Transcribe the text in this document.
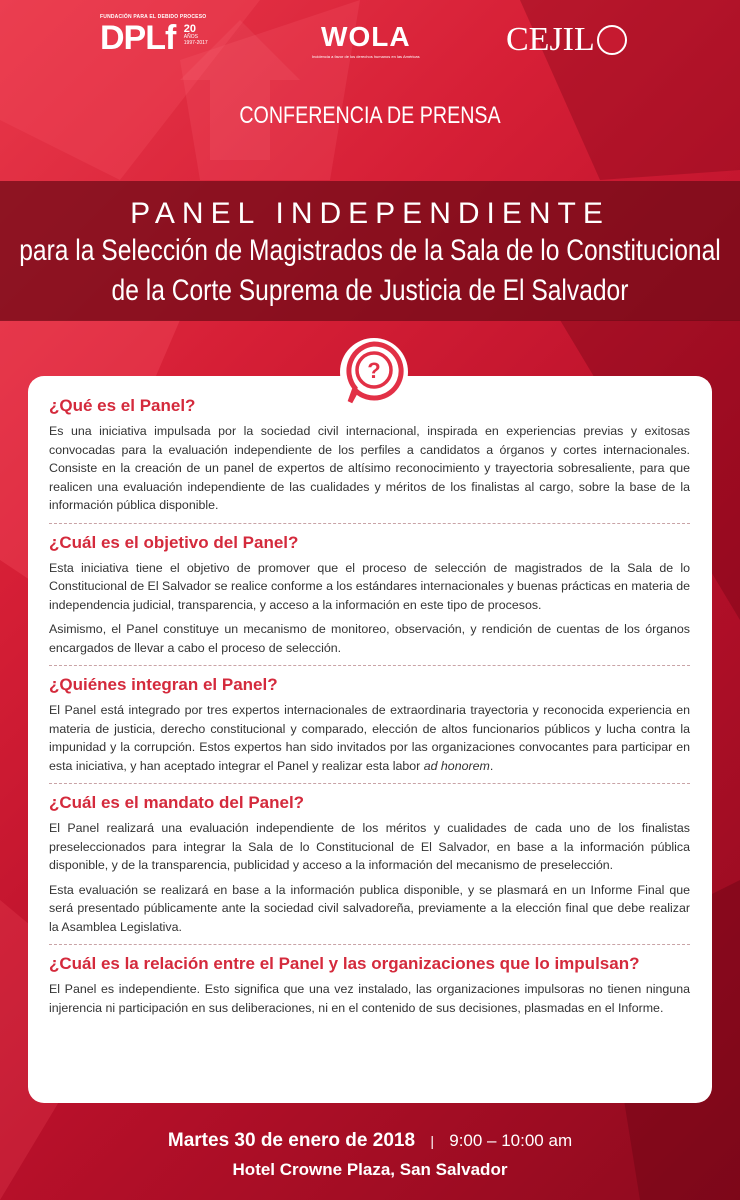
FUNDACIÓN PARA EL DEBIDO PROCESO
DPLf 20
AÑOS
1997-2017	WOLA
Incidencia a favor de los derechos humanos en las Américas	CEJIL
CONFERENCIA DE PRENSA
PANEL INDEPENDIENTE
para la Selección de Magistrados de la Sala de lo Constitucional
de la Corte Suprema de Justicia de El Salvador
?
¿Qué es el Panel?

Es una iniciativa impulsada por la sociedad civil internacional, inspirada en experiencias previas y exitosas convocadas para la evaluación independiente de los perfiles a candidatos a órganos y cortes internacionales. Consiste en la creación de un panel de expertos de altísimo reconocimiento y trayectoria sobresaliente, para que realicen una evaluación independiente de las cualidades y méritos de los finalistas al cargo, sobre la base de la información pública disponible.

¿Cuál es el objetivo del Panel?

Esta iniciativa tiene el objetivo de promover que el proceso de selección de magistrados de la Sala de lo Constitucional de El Salvador se realice conforme a los estándares internacionales y buenas prácticas en materia de independencia judicial, transparencia, y acceso a la información en este tipo de procesos.

Asimismo, el Panel constituye un mecanismo de monitoreo, observación, y rendición de cuentas de los órganos encargados de llevar a cabo el proceso de selección.

¿Quiénes integran el Panel?

El Panel está integrado por tres expertos internacionales de extraordinaria trayectoria y reconocida experiencia en materia de justicia, derecho constitucional y comparado, elección de altos funcionarios públicos y lucha contra la impunidad y la corrupción. Estos expertos han sido invitados por las organizaciones convocantes para participar en esta iniciativa, y han aceptado integrar el Panel y realizar esta labor ad honorem.

¿Cuál es el mandato del Panel?

El Panel realizará una evaluación independiente de los méritos y cualidades de cada uno de los finalistas preseleccionados para integrar la Sala de lo Constitucional de El Salvador, en base a la información pública disponible, y de la transparencia, publicidad y acceso a la información del mecanismo de preselección.

Esta evaluación se realizará en base a la información publica disponible, y se plasmará en un Informe Final que será presentado públicamente ante la sociedad civil salvadoreña, previamente a la elección final que debe realizar la Asamblea Legislativa.

¿Cuál es la relación entre el Panel y las organizaciones que lo impulsan?

El Panel es independiente. Esto significa que una vez instalado, las organizaciones impulsoras no tienen ninguna injerencia ni participación en sus deliberaciones, ni en el contenido de sus decisiones, plasmadas en el Informe.

Martes 30 de enero de 2018 | 9:00 – 10:00 am
Hotel Crowne Plaza, San Salvador
